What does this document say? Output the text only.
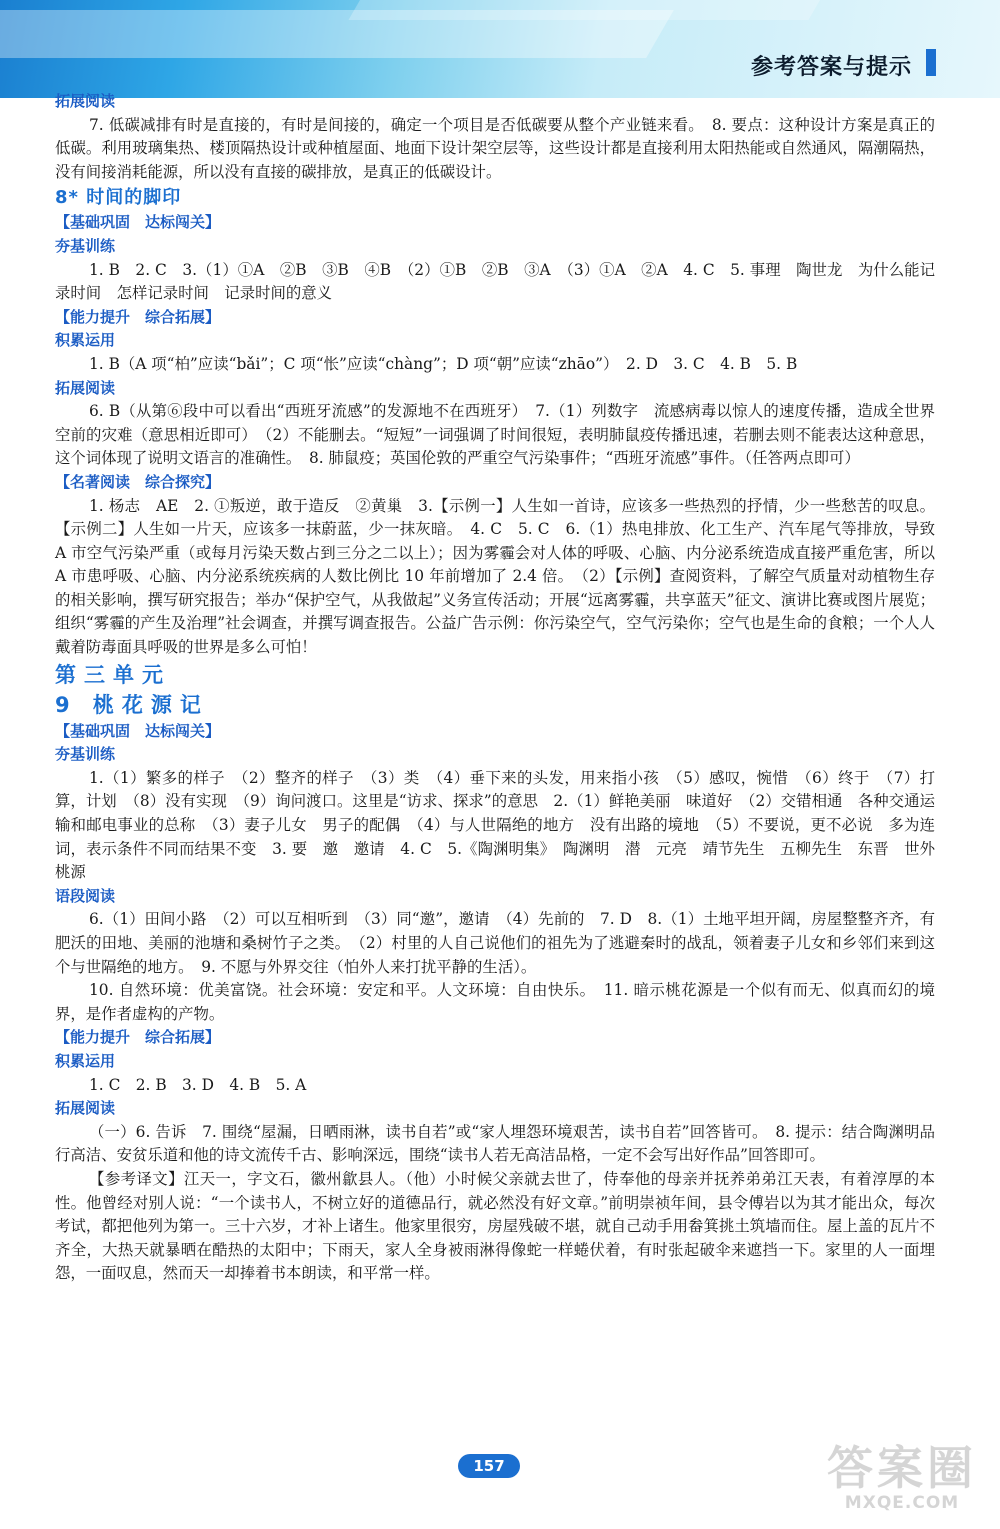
参考答案与提示

拓展阅读

7. 低碳减排有时是直接的，有时是间接的，确定一个项目是否低碳要从整个产业链来看。　8. 要点：这种设计方案是真正的低碳。利用玻璃集热、楼顶隔热设计或种植屋面、地面下设计架空层等，这些设计都是直接利用太阳热能或自然通风，隔潮隔热，没有间接消耗能源，所以没有直接的碳排放，是真正的低碳设计。

8* 时间的脚印

【基础巩固　达标闯关】

夯基训练

1. B　2. C　3.（1）①A　②B　③B　④B　（2）①B　②B　③A　（3）①A　②A　4. C　5. 事理　陶世龙　为什么能记录时间　怎样记录时间　记录时间的意义

【能力提升　综合拓展】

积累运用

1. B（A 项“柏”应读“bǎi”；C 项“怅”应读“chàng”；D 项“朝”应读“zhāo”）　2. D　3. C　4. B　5. B

拓展阅读

6. B（从第⑥段中可以看出“西班牙流感”的发源地不在西班牙）　7.（1）列数字　流感病毒以惊人的速度传播，造成全世界空前的灾难（意思相近即可）　（2）不能删去。“短短”一词强调了时间很短，表明肺鼠疫传播迅速，若删去则不能表达这种意思，这个词体现了说明文语言的准确性。　8. 肺鼠疫；英国伦敦的严重空气污染事件；“西班牙流感”事件。（任答两点即可）

【名著阅读　综合探究】

1. 杨志　AE　2. ①叛逆，敢于造反　②黄巢　3.【示例一】人生如一首诗，应该多一些热烈的抒情，少一些愁苦的叹息。【示例二】人生如一片天，应该多一抹蔚蓝，少一抹灰暗。　4. C　5. C　6.（1）热电排放、化工生产、汽车尾气等排放，导致 A 市空气污染严重（或每月污染天数占到三分之二以上）；因为雾霾会对人体的呼吸、心脑、内分泌系统造成直接严重危害，所以 A 市患呼吸、心脑、内分泌系统疾病的人数比例比 10 年前增加了 2.4 倍。　（2）【示例】查阅资料，了解空气质量对动植物生存的相关影响，撰写研究报告；举办“保护空气，从我做起”义务宣传活动；开展“远离雾霾，共享蓝天”征文、演讲比赛或图片展览；组织“雾霾的产生及治理”社会调查，并撰写调查报告。公益广告示例：你污染空气，空气污染你；空气也是生命的食粮；一个人人戴着防毒面具呼吸的世界是多么可怕！

第三单元

9 桃花源记

【基础巩固　达标闯关】

夯基训练

1.（1）繁多的样子　（2）整齐的样子　（3）类　（4）垂下来的头发，用来指小孩　（5）感叹，惋惜　（6）终于　（7）打算，计划　（8）没有实现　（9）询问渡口。这里是“访求、探求”的意思　2.（1）鲜艳美丽　味道好　（2）交错相通　各种交通运输和邮电事业的总称　（3）妻子儿女　男子的配偶　（4）与人世隔绝的地方　没有出路的境地　（5）不要说，更不必说　多为连词，表示条件不同而结果不变　3. 要　邀　邀请　4. C　5.《陶渊明集》　陶渊明　潜　元亮　靖节先生　五柳先生　东晋　世外桃源

语段阅读

6.（1）田间小路　（2）可以互相听到　（3）同“邀”，邀请　（4）先前的　7. D　8.（1）土地平坦开阔，房屋整整齐齐，有肥沃的田地、美丽的池塘和桑树竹子之类。　（2）村里的人自己说他们的祖先为了逃避秦时的战乱，领着妻子儿女和乡邻们来到这个与世隔绝的地方。　9. 不愿与外界交往（怕外人来打扰平静的生活）。

10. 自然环境：优美富饶。社会环境：安定和平。人文环境：自由快乐。　11. 暗示桃花源是一个似有而无、似真而幻的境界，是作者虚构的产物。

【能力提升　综合拓展】

积累运用

1. C　2. B　3. D　4. B　5. A

拓展阅读

（一）6. 告诉　7. 围绕“屋漏，日晒雨淋，读书自若”或“家人埋怨环境艰苦，读书自若”回答皆可。　8. 提示：结合陶渊明品行高洁、安贫乐道和他的诗文流传千古、影响深远，围绕“读书人若无高洁品格，一定不会写出好作品”回答即可。

【参考译文】江天一，字文石，徽州歙县人。（他）小时候父亲就去世了，侍奉他的母亲并抚养弟弟江天表，有着淳厚的本性。他曾经对别人说：“一个读书人，不树立好的道德品行，就必然没有好文章。”前明崇祯年间，县令傅岩以为其才能出众，每次考试，都把他列为第一。三十六岁，才补上诸生。他家里很穷，房屋残破不堪，就自己动手用畚箕挑土筑墙而住。屋上盖的瓦片不齐全，大热天就暴晒在酷热的太阳中；下雨天，家人全身被雨淋得像蛇一样蜷伏着，有时张起破伞来遮挡一下。家里的人一面埋怨，一面叹息，然而天一却捧着书本朗读，和平常一样。

157	答案圈
MXQE.COM
